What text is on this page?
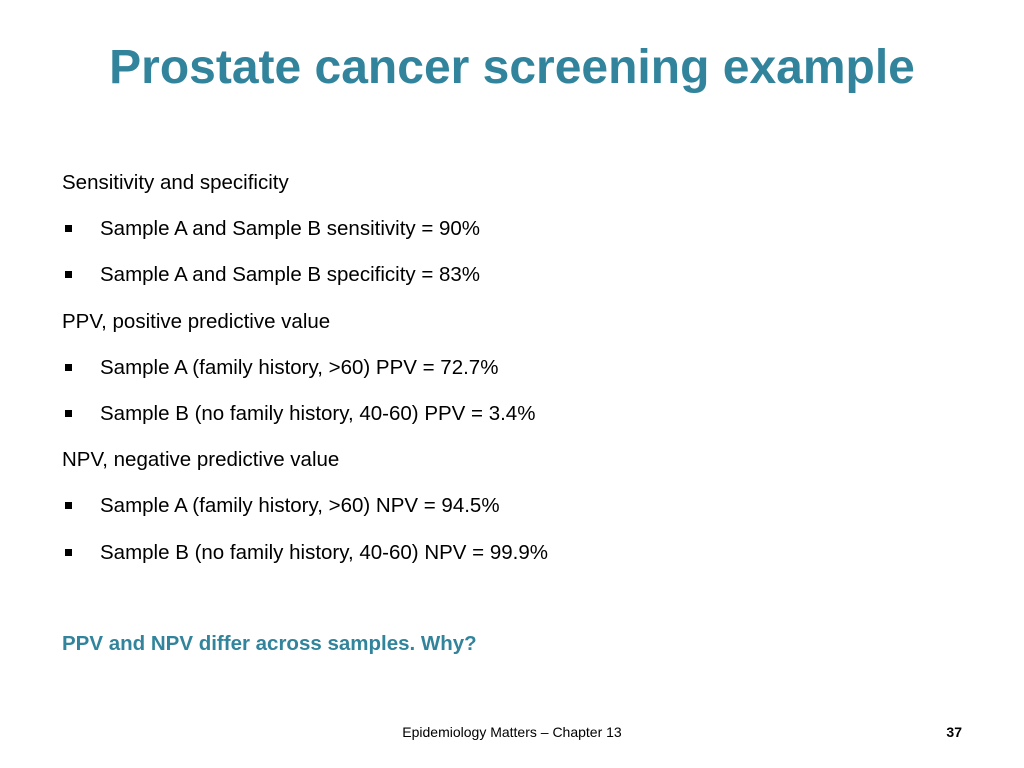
Prostate cancer screening example
Sensitivity and specificity
Sample A and Sample B sensitivity = 90%
Sample A and Sample B specificity = 83%
PPV, positive predictive value
Sample A (family history, >60) PPV = 72.7%
Sample B (no family history, 40-60) PPV = 3.4%
NPV, negative predictive value
Sample A (family history, >60) NPV = 94.5%
Sample B (no family history, 40-60) NPV = 99.9%
PPV and NPV differ across samples. Why?
Epidemiology Matters – Chapter 13	37
